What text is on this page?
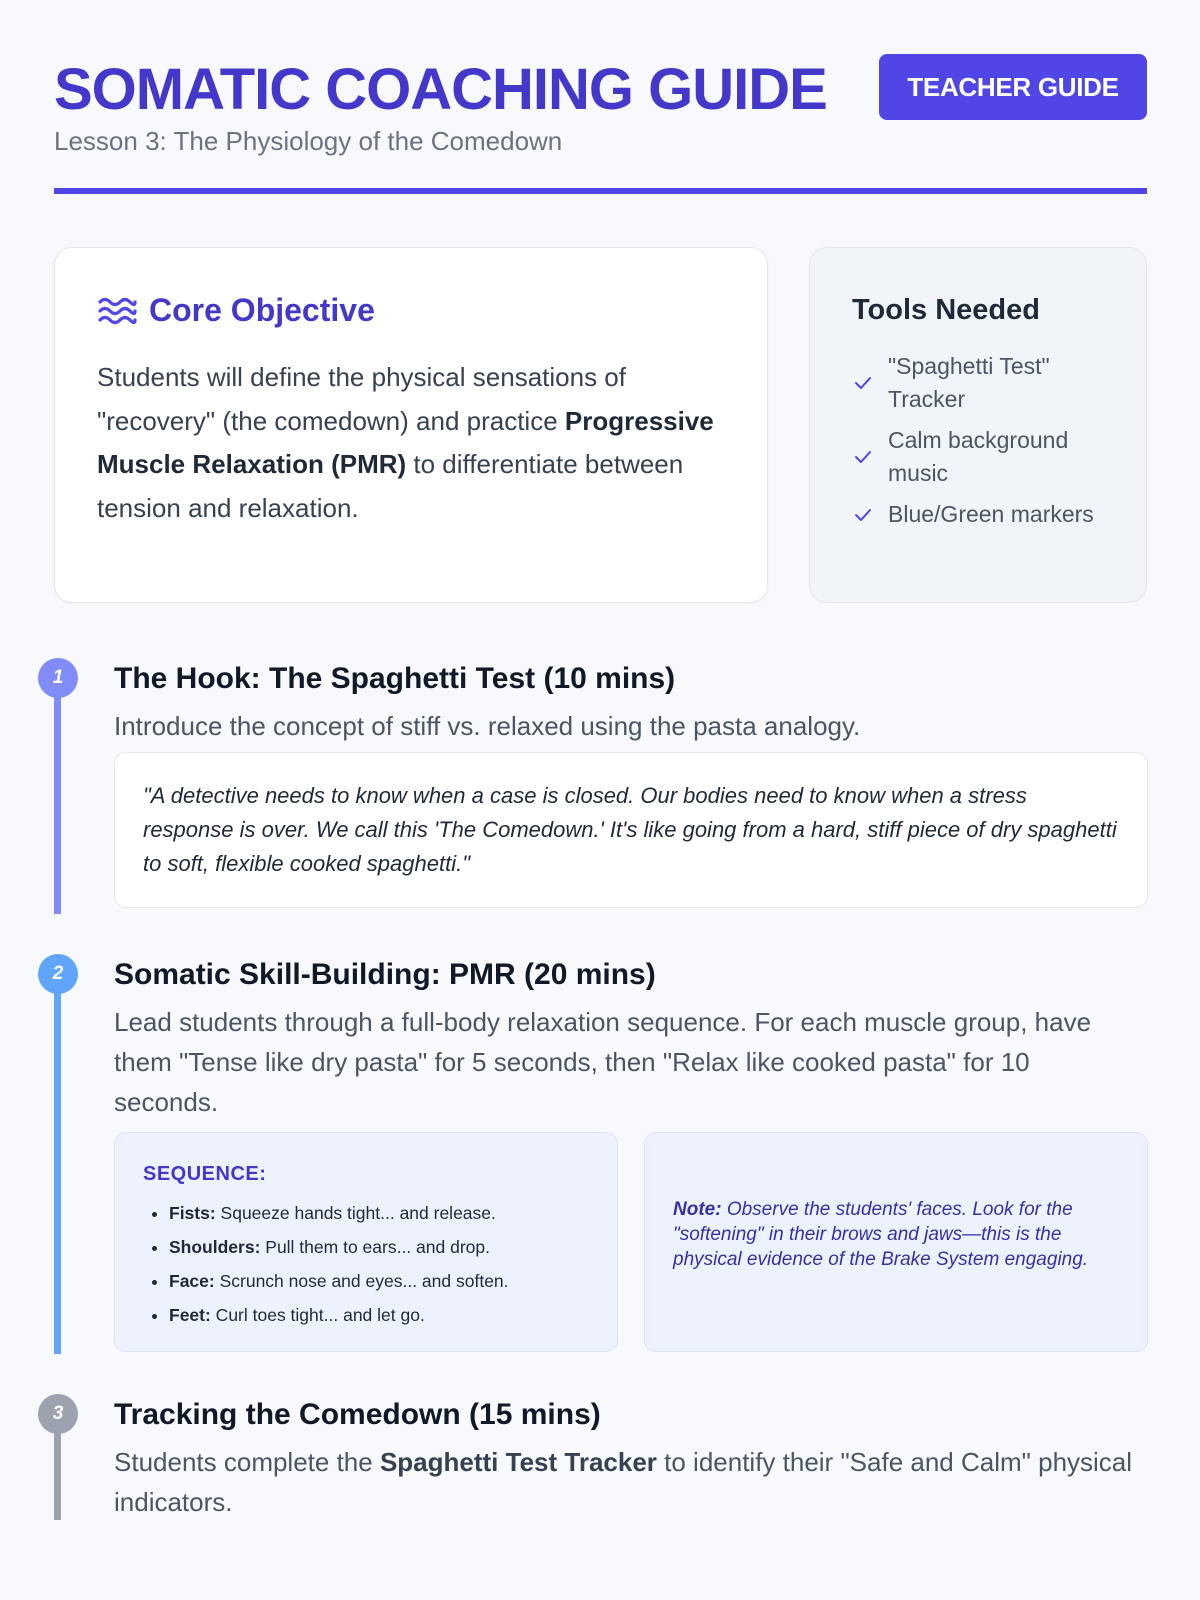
SOMATIC COACHING GUIDE
Lesson 3: The Physiology of the Comedown
TEACHER GUIDE
Core Objective

Students will define the physical sensations of "recovery" (the comedown) and practice Progressive Muscle Relaxation (PMR) to differentiate between tension and relaxation.

Tools Needed
"Spaghetti Test" Tracker
Calm background music
Blue/Green markers
1	The Hook: The Spaghetti Test (10 mins)

Introduce the concept of stiff vs. relaxed using the pasta analogy.

"A detective needs to know when a case is closed. Our bodies need to know when a stress response is over. We call this 'The Comedown.' It's like going from a hard, stiff piece of dry spaghetti to soft, flexible cooked spaghetti."
2	Somatic Skill-Building: PMR (20 mins)

Lead students through a full-body relaxation sequence. For each muscle group, have them "Tense like dry pasta" for 5 seconds, then "Relax like cooked pasta" for 10 seconds.

SEQUENCE:
• Fists: Squeeze hands tight... and release.
• Shoulders: Pull them to ears... and drop.
• Face: Scrunch nose and eyes... and soften.
• Feet: Curl toes tight... and let go.

Note: Observe the students' faces. Look for the "softening" in their brows and jaws—this is the physical evidence of the Brake System engaging.

3	Tracking the Comedown (15 mins)

Students complete the Spaghetti Test Tracker to identify their "Safe and Calm" physical indicators.
